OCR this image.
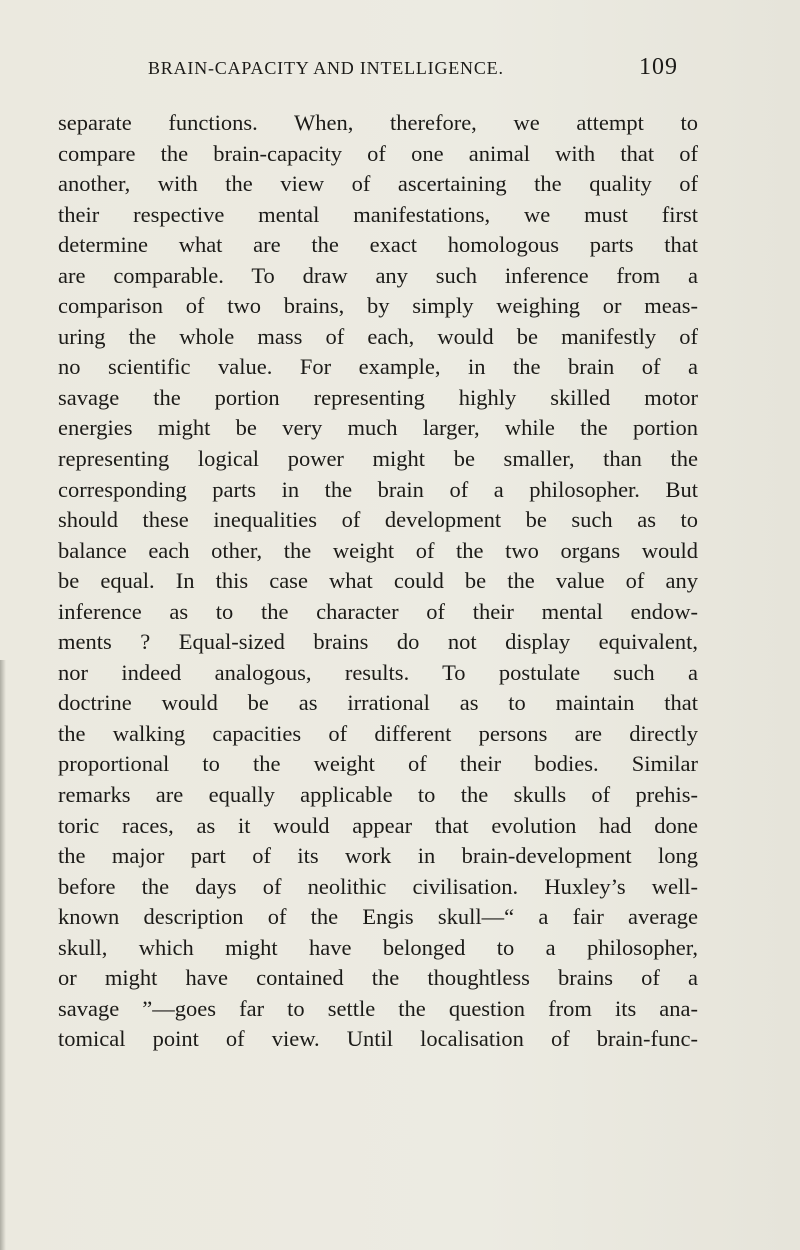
BRAIN-CAPACITY AND INTELLIGENCE.	109
separate functions. When, therefore, we attempt to
compare the brain-capacity of one animal with that of
another, with the view of ascertaining the quality of
their respective mental manifestations, we must first
determine what are the exact homologous parts that
are comparable. To draw any such inference from a
comparison of two brains, by simply weighing or meas-
uring the whole mass of each, would be manifestly of
no scientific value. For example, in the brain of a
savage the portion representing highly skilled motor
energies might be very much larger, while the portion
representing logical power might be smaller, than the
corresponding parts in the brain of a philosopher. But
should these inequalities of development be such as to
balance each other, the weight of the two organs would
be equal. In this case what could be the value of any
inference as to the character of their mental endow-
ments ? Equal-sized brains do not display equivalent,
nor indeed analogous, results. To postulate such a
doctrine would be as irrational as to maintain that
the walking capacities of different persons are directly
proportional to the weight of their bodies. Similar
remarks are equally applicable to the skulls of prehis-
toric races, as it would appear that evolution had done
the major part of its work in brain-development long
before the days of neolithic civilisation. Huxley’s well-
known description of the Engis skull—“ a fair average
skull, which might have belonged to a philosopher,
or might have contained the thoughtless brains of a
savage ”—goes far to settle the question from its ana-
tomical point of view. Until localisation of brain-func-
